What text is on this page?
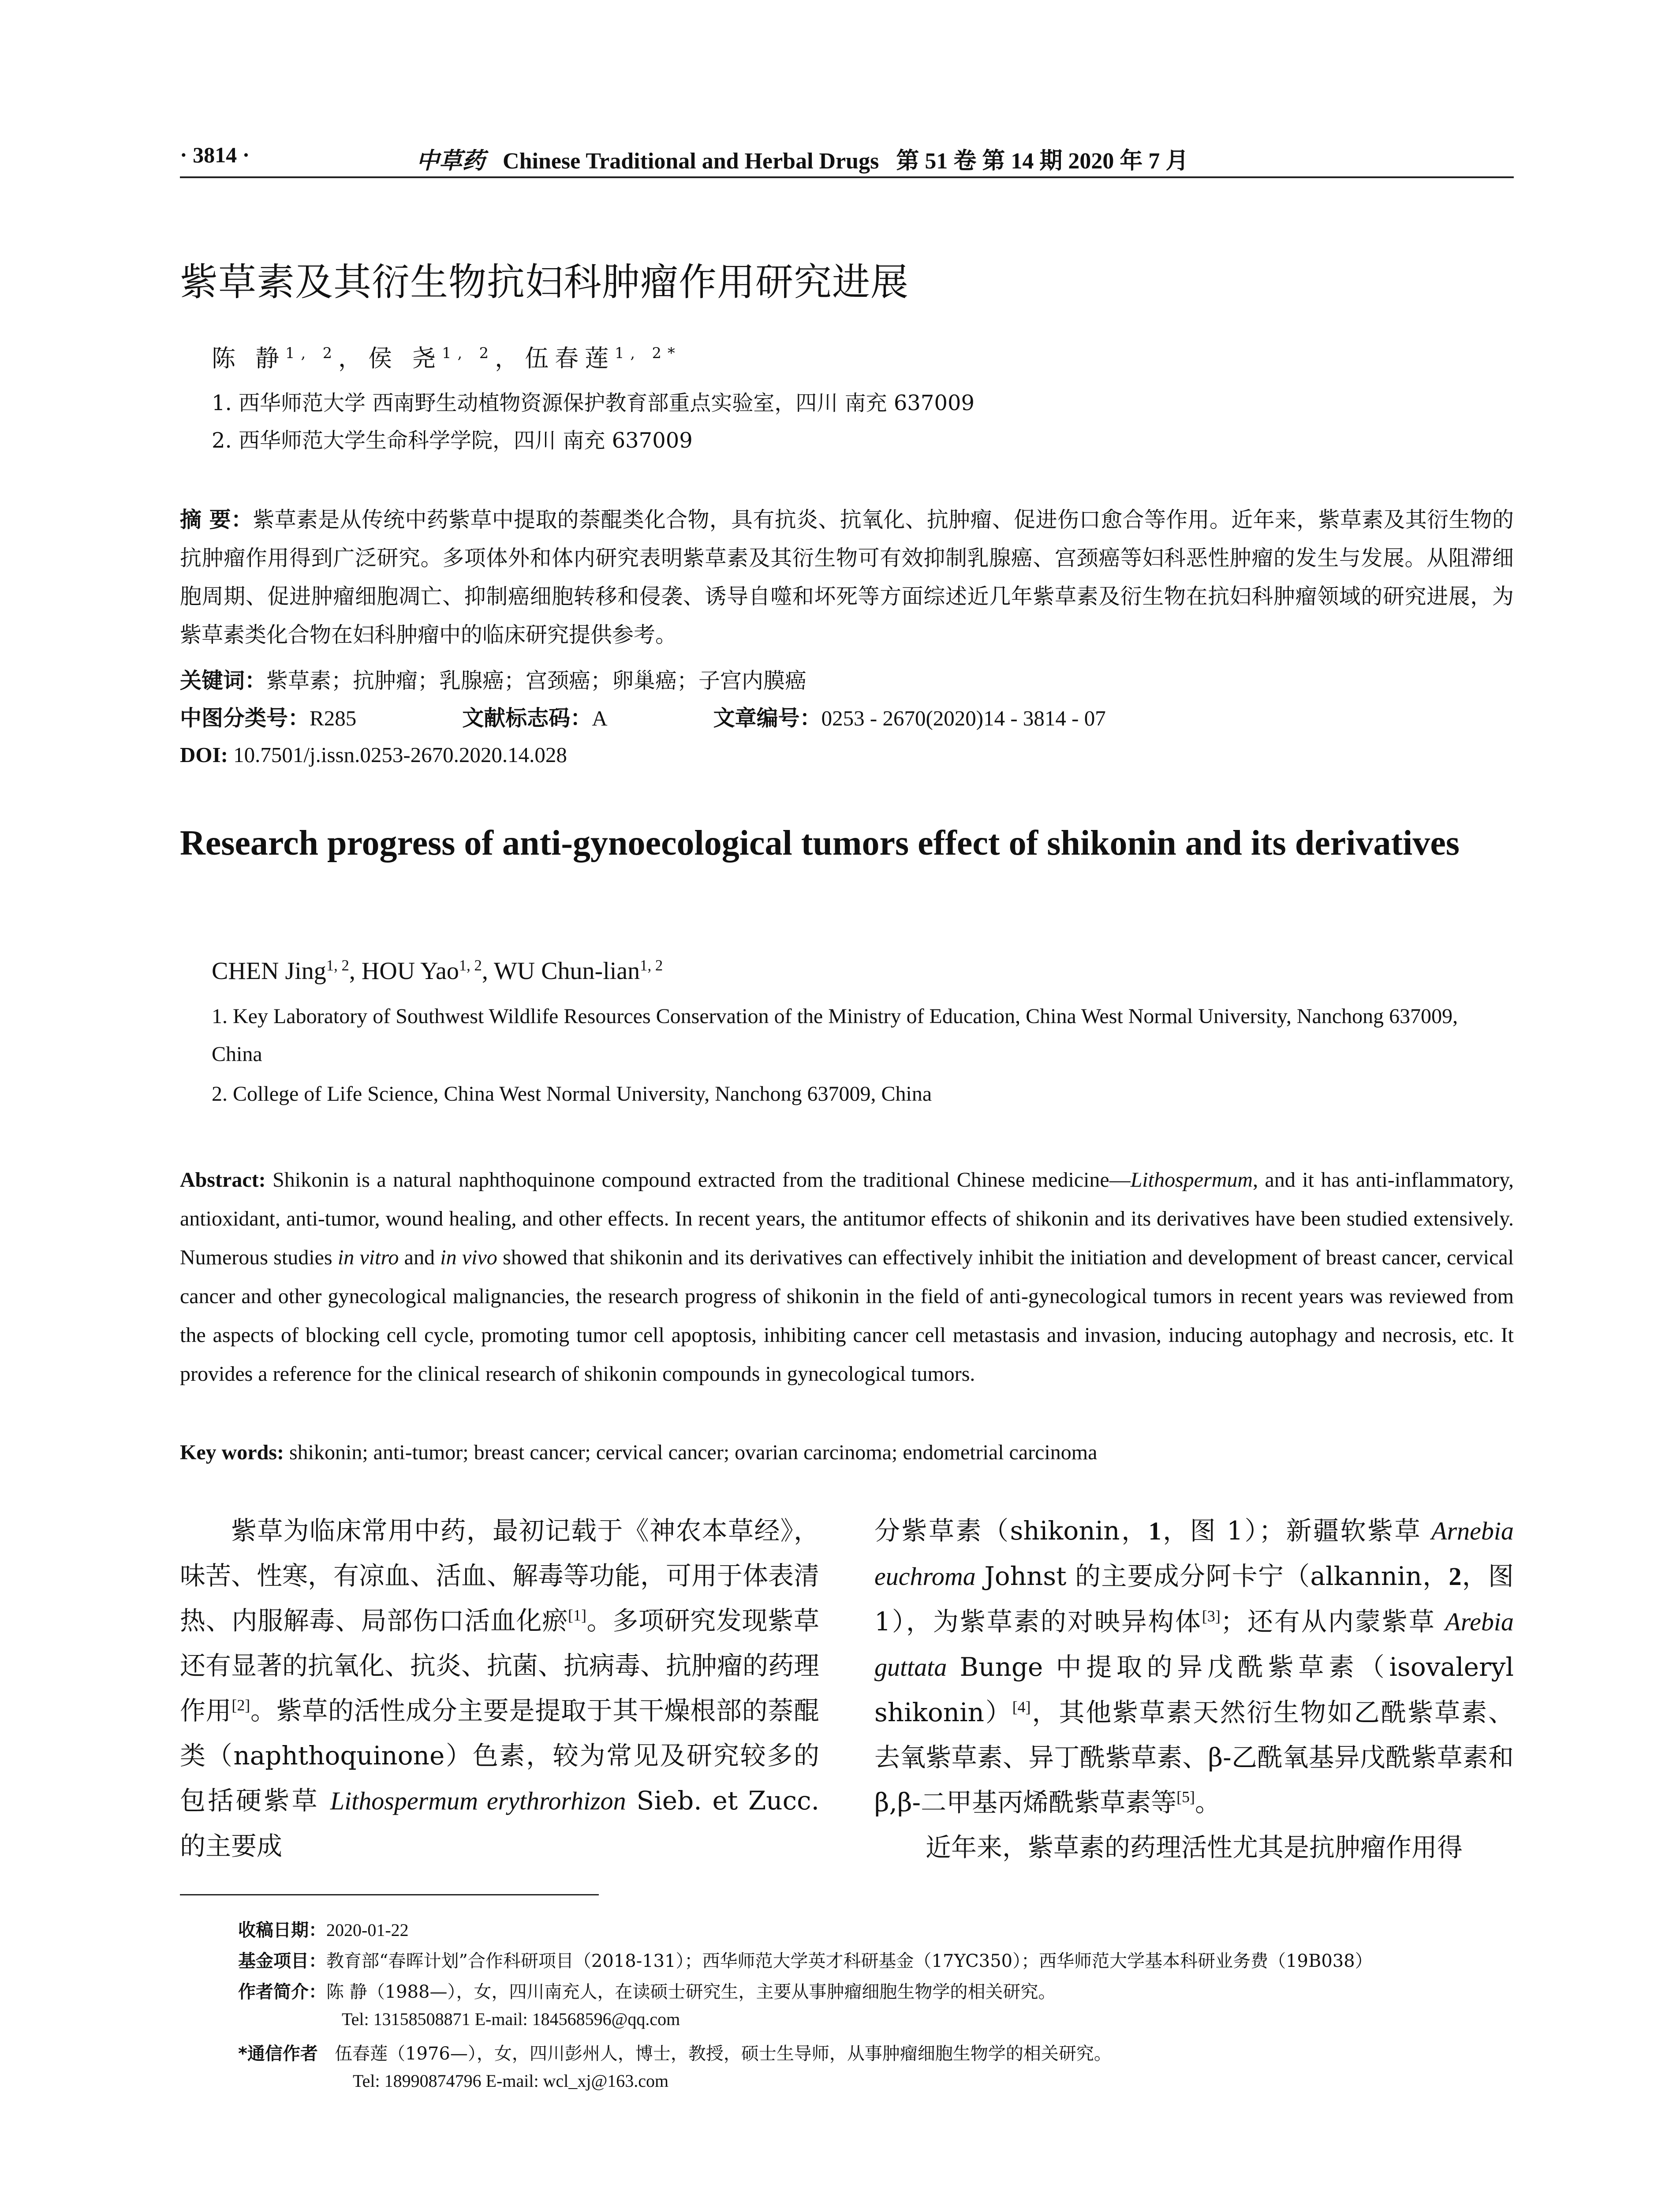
· 3814 ·	中草药 Chinese Traditional and Herbal Drugs 第 51 卷 第 14 期 2020 年 7 月
紫草素及其衍生物抗妇科肿瘤作用研究进展
陈 静$^{1, 2}$，侯 尧$^{1, 2}$，伍春莲$^{1, 2*}$
1. 西华师范大学 西南野生动植物资源保护教育部重点实验室，四川 南充 637009
2. 西华师范大学生命科学学院，四川 南充 637009
摘 要：紫草素是从传统中药紫草中提取的萘醌类化合物，具有抗炎、抗氧化、抗肿瘤、促进伤口愈合等作用。近年来，紫草素及其衍生物的抗肿瘤作用得到广泛研究。多项体外和体内研究表明紫草素及其衍生物可有效抑制乳腺癌、宫颈癌等妇科恶性肿瘤的发生与发展。从阻滞细胞周期、促进肿瘤细胞凋亡、抑制癌细胞转移和侵袭、诱导自噬和坏死等方面综述近几年紫草素及衍生物在抗妇科肿瘤领域的研究进展，为紫草素类化合物在妇科肿瘤中的临床研究提供参考。
关键词：紫草素；抗肿瘤；乳腺癌；宫颈癌；卵巢癌；子宫内膜癌
中图分类号：R285	文献标志码：A	文章编号：0253 - 2670(2020)14 - 3814 - 07
DOI: 10.7501/j.issn.0253-2670.2020.14.028
Research progress of anti-gynoecological tumors effect of shikonin and its derivatives
CHEN Jing$^{1, 2}$, HOU Yao$^{1, 2}$, WU Chun-lian$^{1, 2}$
1. Key Laboratory of Southwest Wildlife Resources Conservation of the Ministry of Education, China West Normal University, Nanchong 637009, China
2. College of Life Science, China West Normal University, Nanchong 637009, China
Abstract: Shikonin is a natural naphthoquinone compound extracted from the traditional Chinese medicine—Lithospermum, and it has anti-inflammatory, antioxidant, anti-tumor, wound healing, and other effects. In recent years, the antitumor effects of shikonin and its derivatives have been studied extensively. Numerous studies in vitro and in vivo showed that shikonin and its derivatives can effectively inhibit the initiation and development of breast cancer, cervical cancer and other gynecological malignancies, the research progress of shikonin in the field of anti-gynecological tumors in recent years was reviewed from the aspects of blocking cell cycle, promoting tumor cell apoptosis, inhibiting cancer cell metastasis and invasion, inducing autophagy and necrosis, etc. It provides a reference for the clinical research of shikonin compounds in gynecological tumors.
Key words: shikonin; anti-tumor; breast cancer; cervical cancer; ovarian carcinoma; endometrial carcinoma
紫草为临床常用中药，最初记载于《神农本草经》，味苦、性寒，有凉血、活血、解毒等功能，可用于体表清热、内服解毒、局部伤口活血化瘀[1]。多项研究发现紫草还有显著的抗氧化、抗炎、抗菌、抗病毒、抗肿瘤的药理作用[2]。紫草的活性成分主要是提取于其干燥根部的萘醌类（naphthoquinone）色素，较为常见及研究较多的包括硬紫草 Lithospermum erythrorhizon Sieb. et Zucc. 的主要成
分紫草素（shikonin，1，图 1）；新疆软紫草 Arnebia euchroma Johnst 的主要成分阿卡宁（alkannin，2，图 1），为紫草素的对映异构体[3]；还有从内蒙紫草 Arebia guttata Bunge 中提取的异戊酰紫草素（isovaleryl shikonin）[4]，其他紫草素天然衍生物如乙酰紫草素、去氧紫草素、异丁酰紫草素、β-乙酰氧基异戊酰紫草素和 β,β-二甲基丙烯酰紫草素等[5]。
近年来，紫草素的药理活性尤其是抗肿瘤作用得
收稿日期：2020-01-22
基金项目：教育部“春晖计划”合作科研项目（2018-131）；西华师范大学英才科研基金（17YC350）；西华师范大学基本科研业务费（19B038）
作者简介：陈 静（1988—），女，四川南充人，在读硕士研究生，主要从事肿瘤细胞生物学的相关研究。
Tel: 13158508871 E-mail: 184568596@qq.com
*通信作者 伍春莲（1976—），女，四川彭州人，博士，教授，硕士生导师，从事肿瘤细胞生物学的相关研究。
Tel: 18990874796 E-mail: wcl_xj@163.com
